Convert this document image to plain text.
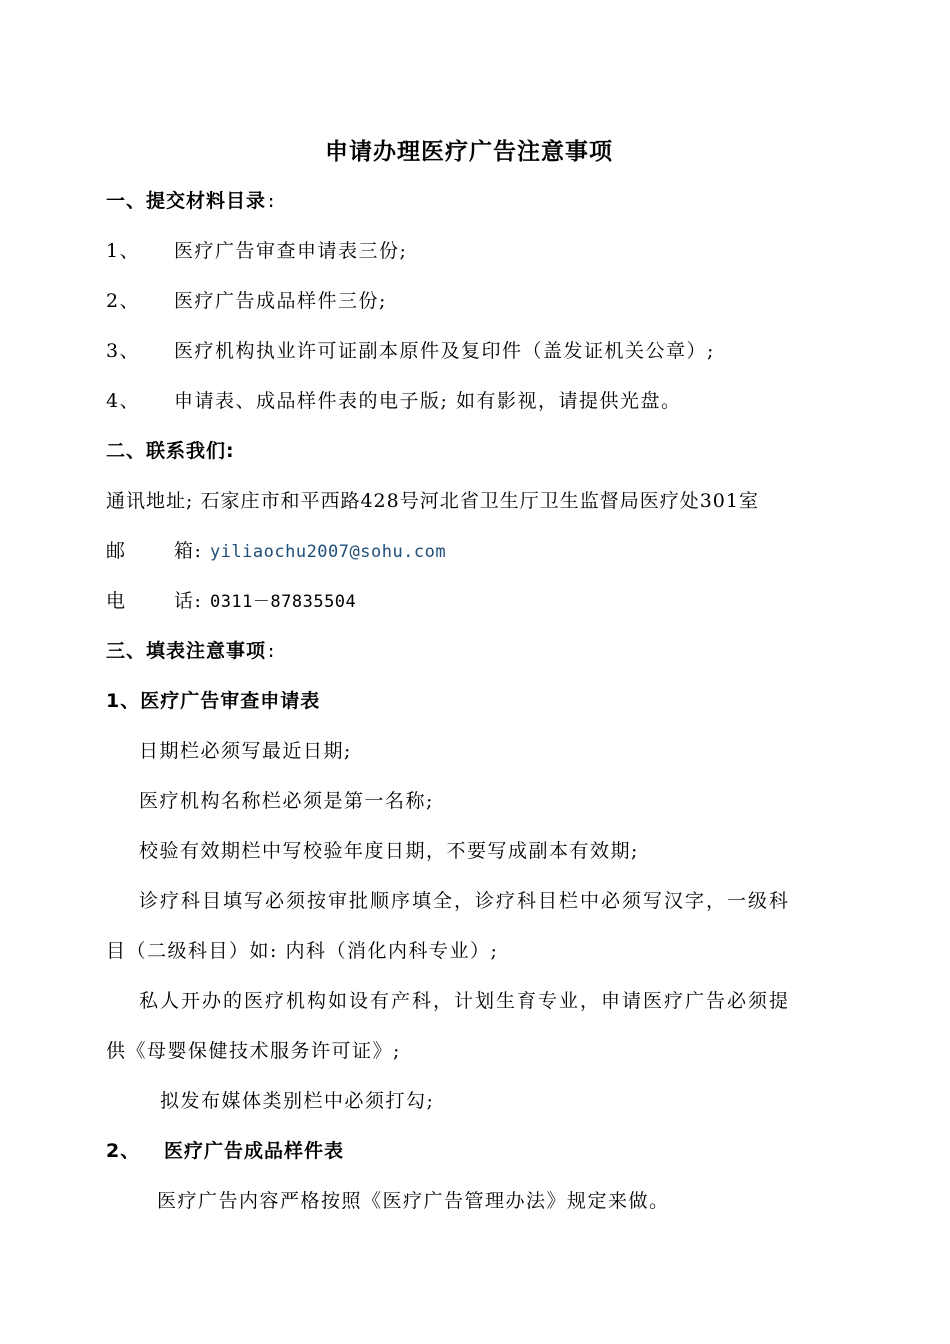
申请办理医疗广告注意事项
一、提交材料目录:
1、 医疗广告审查申请表三份;
2、 医疗广告成品样件三份;
3、 医疗机构执业许可证副本原件及复印件（盖发证机关公章）;
4、 申请表、成品样件表的电子版; 如有影视，请提供光盘。
二、联系我们:
通讯地址; 石家庄市和平西路428号河北省卫生厅卫生监督局医疗处301室
邮 箱: yiliaochu2007@sohu.com
电 话: 0311－87835504
三、填表注意事项:
1、医疗广告审查申请表
日期栏必须写最近日期;
医疗机构名称栏必须是第一名称;
校验有效期栏中写校验年度日期，不要写成副本有效期;
诊疗科目填写必须按审批顺序填全，诊疗科目栏中必须写汉字，一级科
目（二级科目）如: 内科（消化内科专业）;
私人开办的医疗机构如设有产科，计划生育专业，申请医疗广告必须提
供《母婴保健技术服务许可证》;
拟发布媒体类别栏中必须打勾;
2、 医疗广告成品样件表
医疗广告内容严格按照《医疗广告管理办法》规定来做。
